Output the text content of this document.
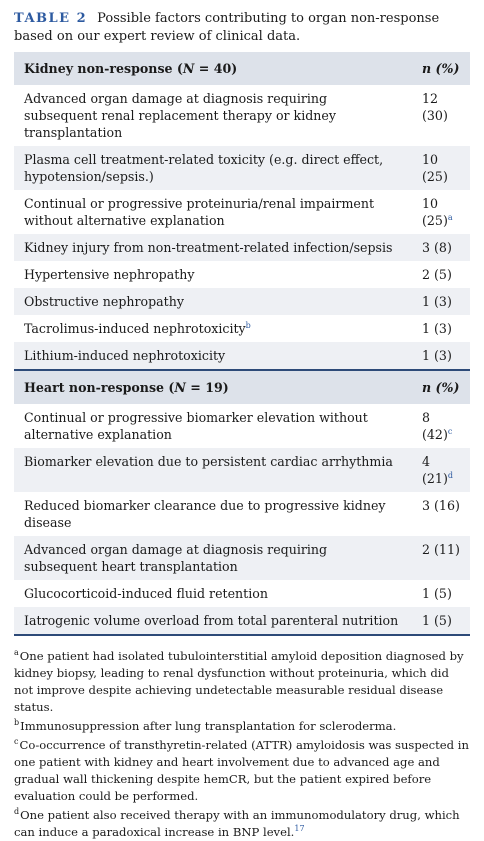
TABLE 2 Possible factors contributing to organ non-response based on our expert review of clinical data.

Kidney non-response (N = 40)	n (%)
Advanced organ damage at diagnosis requiring subsequent renal replacement therapy or kidney transplantation	12
(30)
Plasma cell treatment-related toxicity (e.g. direct effect, hypotension/sepsis.)	10
(25)
Continual or progressive proteinuria/renal impairment without alternative explanation	10
$(25)^a$
Kidney injury from non-treatment-related infection/sepsis	3 (8)
Hypertensive nephropathy	2 (5)
Obstructive nephropathy	1 (3)
Tacrolimus-induced nephrotoxicity$^b$	1 (3)
Lithium-induced nephrotoxicity	1 (3)
Heart non-response (N = 19)	n (%)
Continual or progressive biomarker elevation without alternative explanation	8
$(42)^c$
Biomarker elevation due to persistent cardiac arrhythmia	4
$(21)^d$
Reduced biomarker clearance due to progressive kidney disease	3 (16)
Advanced organ damage at diagnosis requiring subsequent heart transplantation	2 (11)
Glucocorticoid-induced fluid retention	1 (5)
Iatrogenic volume overload from total parenteral nutrition	1 (5)

$^a$One patient had isolated tubulointerstitial amyloid deposition diagnosed by kidney biopsy, leading to renal dysfunction without proteinuria, which did not improve despite achieving undetectable measurable residual disease status.

$^b$Immunosuppression after lung transplantation for scleroderma.

$^c$Co-occurrence of transthyretin-related (ATTR) amyloidosis was suspected in one patient with kidney and heart involvement due to advanced age and gradual wall thickening despite hemCR, but the patient expired before evaluation could be performed.

$^d$One patient also received therapy with an immunomodulatory drug, which can induce a paradoxical increase in BNP level.$^{17}$
